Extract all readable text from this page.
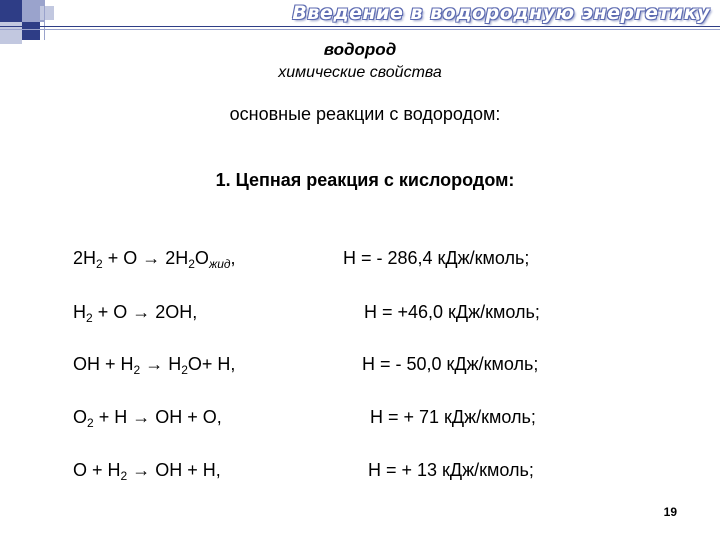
Введение в водородную энергетику
водород
химические свойства
основные реакции с водородом:
1. Цепная реакция с кислородом:
$2H_2 + O \to 2H_2O_{жид}$,	H = - 286,4 кДж/кмоль;
$H_2 + O \to 2OH$,	H = +46,0 кДж/кмоль;
OH + $H_2 \to H_2O+ H$,	H = - 50,0 кДж/кмоль;
$O_2 + H$ → OH + O,	H = + 71 кДж/кмоль;
$O + H_2$ → OH + H,	H = + 13 кДж/кмоль;
19
